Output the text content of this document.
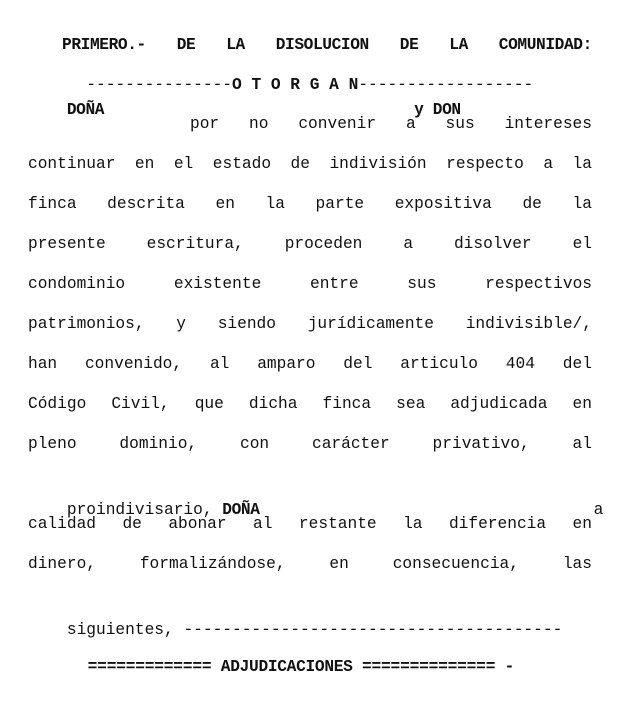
---------------O T O R G A N------------------

PRIMERO.- DE LA DISOLUCION DE LA COMUNIDAD:

DOÑA	y DON

por no convenir a sus intereses
continuar en el estado de indivisión respecto a la
finca descrita en la parte expositiva de la
presente	escritura,	proceden	a	disolver	el
condominio	existente	entre	sus	respectivos
patrimonios, y siendo jurídicamente indivisible/,
han convenido, al amparo del articulo 404 del
Código Civil, que dicha finca sea adjudicada en
pleno	dominio,	con	carácter	privativo,	al

proindivisario, DOÑA	a

calidad de abonar al restante la diferencia en
dinero,	formalizándose,	en	consecuencia,	las

siguientes, ---------------------------------------

============= ADJUDICACIONES ============== -
